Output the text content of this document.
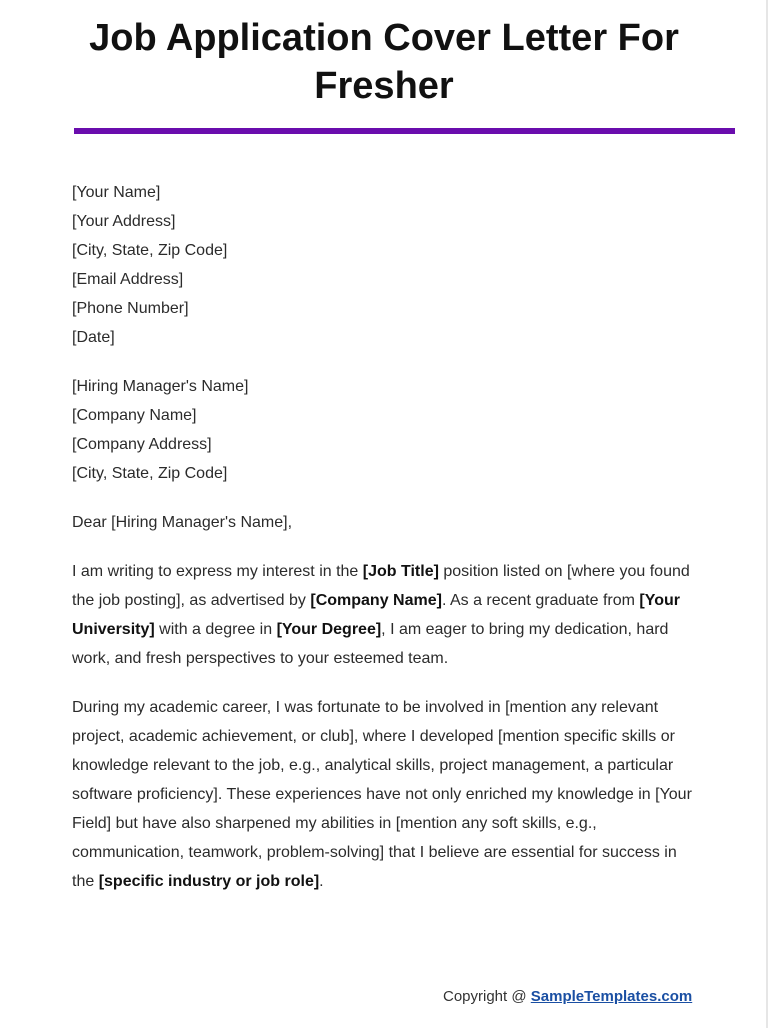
Job Application Cover Letter For Fresher
[Your Name]
[Your Address]
[City, State, Zip Code]
[Email Address]
[Phone Number]
[Date]
[Hiring Manager's Name]
[Company Name]
[Company Address]
[City, State, Zip Code]
Dear [Hiring Manager's Name],

I am writing to express my interest in the [Job Title] position listed on [where you found the job posting], as advertised by [Company Name]. As a recent graduate from [Your University] with a degree in [Your Degree], I am eager to bring my dedication, hard work, and fresh perspectives to your esteemed team.

During my academic career, I was fortunate to be involved in [mention any relevant project, academic achievement, or club], where I developed [mention specific skills or knowledge relevant to the job, e.g., analytical skills, project management, a particular software proficiency]. These experiences have not only enriched my knowledge in [Your Field] but have also sharpened my abilities in [mention any soft skills, e.g., communication, teamwork, problem-solving] that I believe are essential for success in the [specific industry or job role].

Copyright @ SampleTemplates.com
